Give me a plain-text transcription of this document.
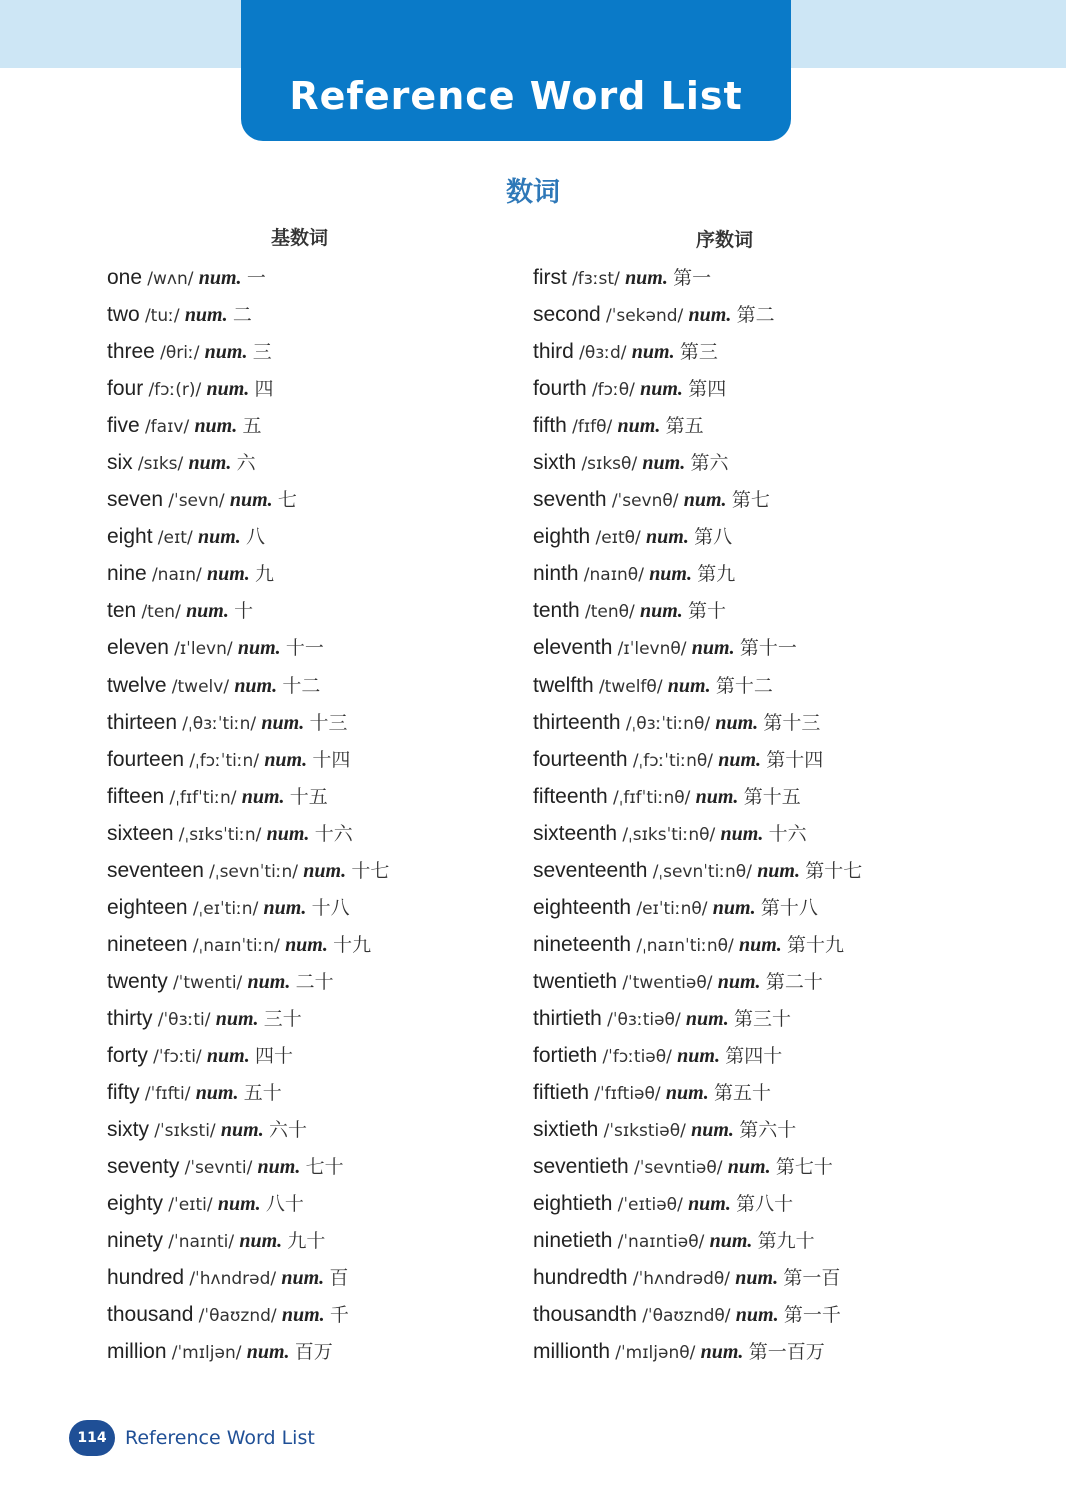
Reference Word List
数词
基数词	序数词
one /wʌn/ num. 一
two /tuː/ num. 二
three /θriː/ num. 三
four /fɔː(r)/ num. 四
five /faɪv/ num. 五
six /sɪks/ num. 六
seven /ˈsevn/ num. 七
eight /eɪt/ num. 八
nine /naɪn/ num. 九
ten /ten/ num. 十
eleven /ɪˈlevn/ num. 十一
twelve /twelv/ num. 十二
thirteen /ˌθɜːˈtiːn/ num. 十三
fourteen /ˌfɔːˈtiːn/ num. 十四
fifteen /ˌfɪfˈtiːn/ num. 十五
sixteen /ˌsɪksˈtiːn/ num. 十六
seventeen /ˌsevnˈtiːn/ num. 十七
eighteen /ˌeɪˈtiːn/ num. 十八
nineteen /ˌnaɪnˈtiːn/ num. 十九
twenty /ˈtwenti/ num. 二十
thirty /ˈθɜːti/ num. 三十
forty /ˈfɔːti/ num. 四十
fifty /ˈfɪfti/ num. 五十
sixty /ˈsɪksti/ num. 六十
seventy /ˈsevnti/ num. 七十
eighty /ˈeɪti/ num. 八十
ninety /ˈnaɪnti/ num. 九十
hundred /ˈhʌndrəd/ num. 百
thousand /ˈθaʊznd/ num. 千
million /ˈmɪljən/ num. 百万
first /fɜːst/ num. 第一
second /ˈsekənd/ num. 第二
third /θɜːd/ num. 第三
fourth /fɔːθ/ num. 第四
fifth /fɪfθ/ num. 第五
sixth /sɪksθ/ num. 第六
seventh /ˈsevnθ/ num. 第七
eighth /eɪtθ/ num. 第八
ninth /naɪnθ/ num. 第九
tenth /tenθ/ num. 第十
eleventh /ɪˈlevnθ/ num. 第十一
twelfth /twelfθ/ num. 第十二
thirteenth /ˌθɜːˈtiːnθ/ num. 第十三
fourteenth /ˌfɔːˈtiːnθ/ num. 第十四
fifteenth /ˌfɪfˈtiːnθ/ num. 第十五
sixteenth /ˌsɪksˈtiːnθ/ num. 十六
seventeenth /ˌsevnˈtiːnθ/ num. 第十七
eighteenth /eɪˈtiːnθ/ num. 第十八
nineteenth /ˌnaɪnˈtiːnθ/ num. 第十九
twentieth /ˈtwentiəθ/ num. 第二十
thirtieth /ˈθɜːtiəθ/ num. 第三十
fortieth /ˈfɔːtiəθ/ num. 第四十
fiftieth /ˈfɪftiəθ/ num. 第五十
sixtieth /ˈsɪkstiəθ/ num. 第六十
seventieth /ˈsevntiəθ/ num. 第七十
eightieth /ˈeɪtiəθ/ num. 第八十
ninetieth /ˈnaɪntiəθ/ num. 第九十
hundredth /ˈhʌndrədθ/ num. 第一百
thousandth /ˈθaʊzndθ/ num. 第一千
millionth /ˈmɪljənθ/ num. 第一百万
114 Reference Word List
